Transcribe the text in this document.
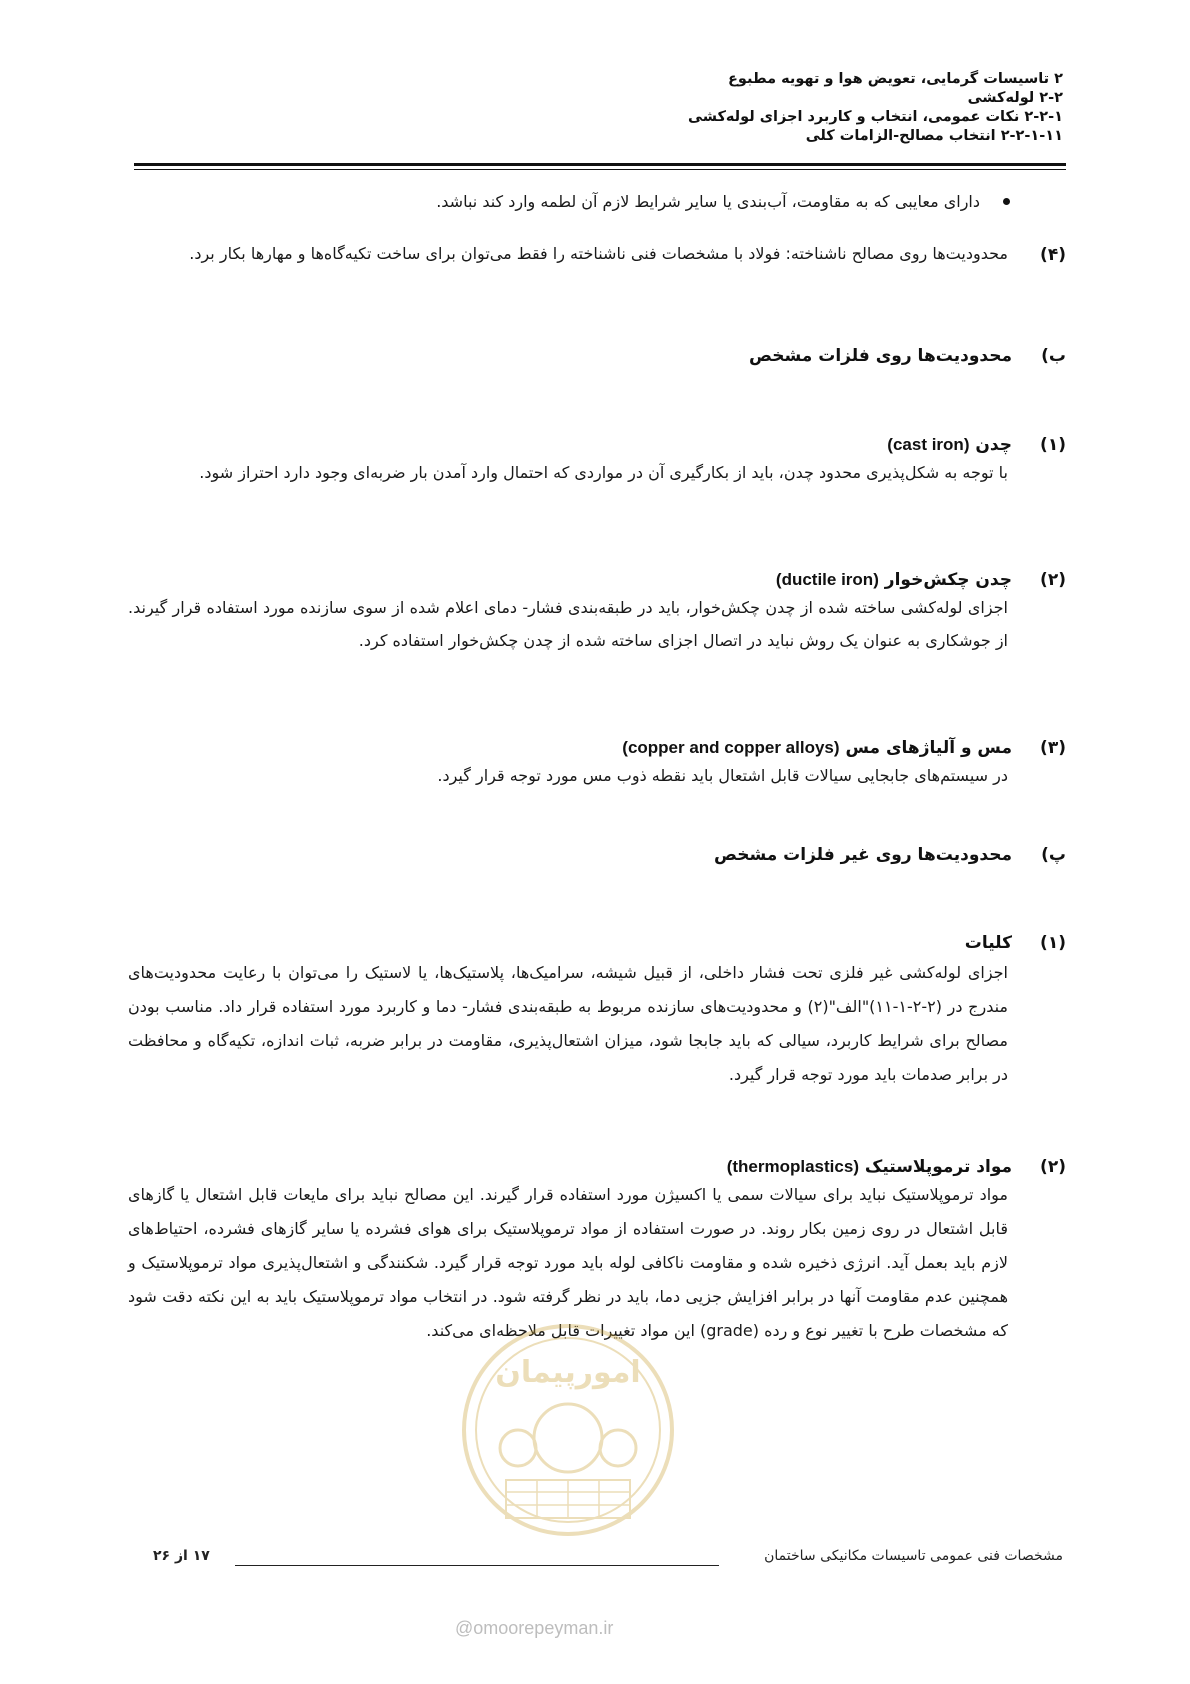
۲ تاسیسات گرمایی، تعویض هوا و تهویه مطبوع
۲-۲ لوله‌کشی
۲-۲-۱ نکات عمومی، انتخاب و کاربرد اجزای لوله‌کشی
۲-۲-۱-۱۱ انتخاب مصالح-الزامات کلی
دارای معایبی که به مقاومت، آب‌بندی یا سایر شرایط لازم آن لطمه وارد کند نباشد.
(۴)
محدودیت‌ها روی مصالح ناشناخته: فولاد با مشخصات فنی ناشناخته را فقط می‌توان برای ساخت تکیه‌گاه‌ها و مهارها بکار برد.
ب)محدودیت‌ها روی فلزات مشخص
(۱)چدن (cast iron)
با توجه به شکل‌پذیری محدود چدن، باید از بکارگیری آن در مواردی که احتمال وارد آمدن بار ضربه‌ای وجود دارد احتراز شود.
(۲)چدن چکش‌خوار (ductile iron)
اجزای لوله‌کشی ساخته شده از چدن چکش‌خوار، باید در طبقه‌بندی فشار- دمای اعلام شده از سوی سازنده مورد استفاده قرار گیرند. از جوشکاری به عنوان یک روش نباید در اتصال اجزای ساخته شده از چدن چکش‌خوار استفاده کرد.
(۳)مس و آلیاژهای مس (copper and copper alloys)
در سیستم‌های جابجایی سیالات قابل اشتعال باید نقطه ذوب مس مورد توجه قرار گیرد.
پ)محدودیت‌ها روی غیر فلزات مشخص
(۱)کلیات
اجزای لوله‌کشی غیر فلزی تحت فشار داخلی، از قبیل شیشه، سرامیک‌ها، پلاستیک‌ها، یا لاستیک را می‌توان با رعایت محدودیت‌های مندرج در (۲-۲-۱-۱۱)"الف"(۲) و محدودیت‌های سازنده مربوط به طبقه‌بندی فشار- دما و کاربرد مورد استفاده قرار داد. مناسب بودن مصالح برای شرایط کاربرد، سیالی که باید جابجا شود، میزان اشتعال‌پذیری، مقاومت در برابر ضربه، ثبات اندازه، تکیه‌گاه و محافظت در برابر صدمات باید مورد توجه قرار گیرد.
(۲)مواد ترموپلاستیک (thermoplastics)
مواد ترموپلاستیک نباید برای سیالات سمی یا اکسیژن مورد استفاده قرار گیرند. این مصالح نباید برای مایعات قابل اشتعال یا گازهای قابل اشتعال در روی زمین بکار روند. در صورت استفاده از مواد ترموپلاستیک برای هوای فشرده یا سایر گازهای فشرده، احتیاط‌های لازم باید بعمل آید. انرژی ذخیره شده و مقاومت ناکافی لوله باید مورد توجه قرار گیرد. شکنندگی و اشتعال‌پذیری مواد ترموپلاستیک و همچنین عدم مقاومت آنها در برابر افزایش جزیی دما، باید در نظر گرفته شود. در انتخاب مواد ترموپلاستیک باید به این نکته دقت شود که مشخصات طرح با تغییر نوع و رده (grade) این مواد تغییرات قابل ملاحظه‌ای می‌کند.
امورپیمان
مشخصات فنی عمومی تاسیسات مکانیکی ساختمان
۱۷ از ۲۶
@omoorepeyman.ir
